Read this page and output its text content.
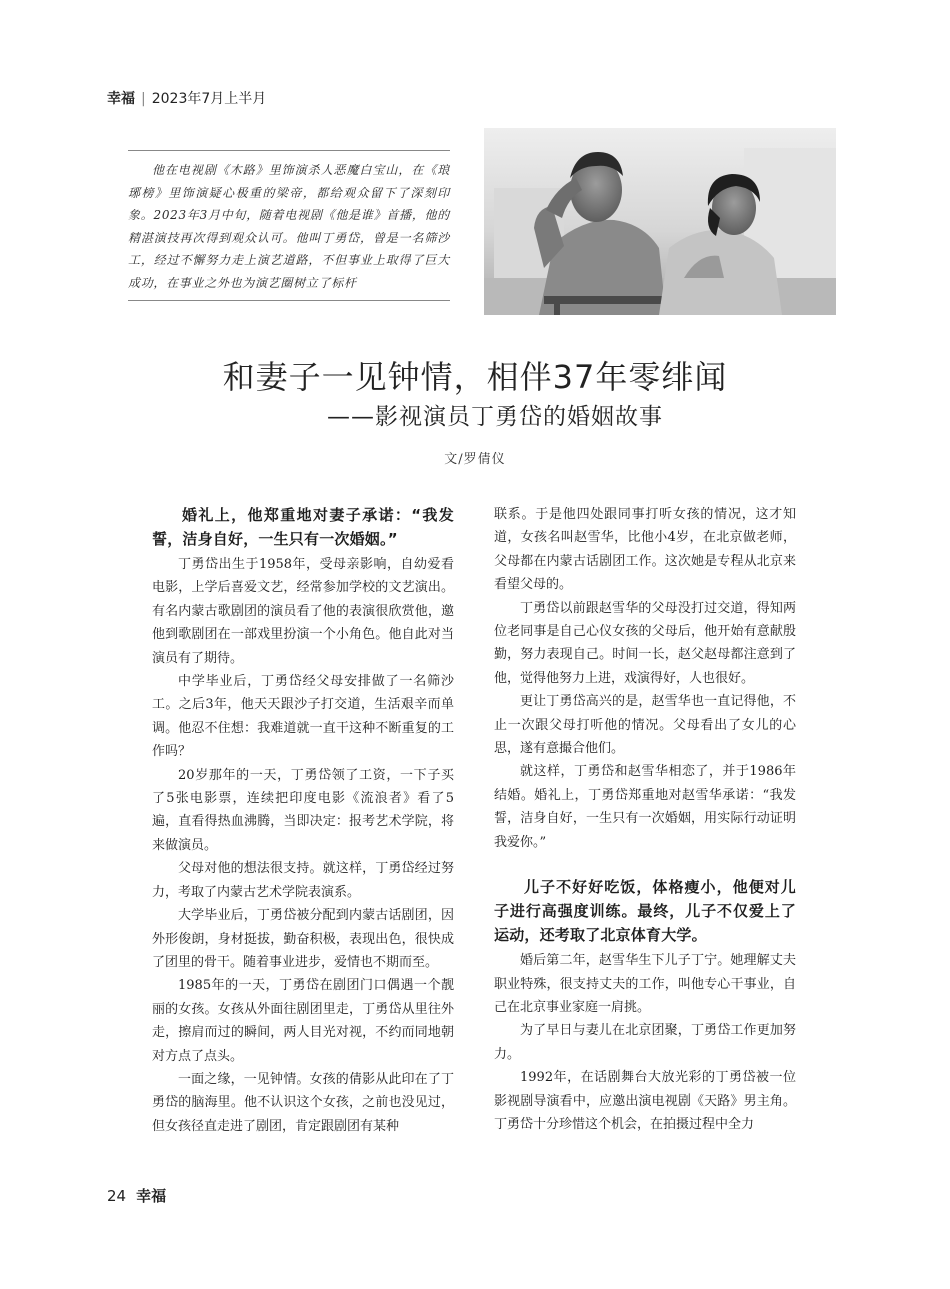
幸福 | 2023年7月上半月
他在电视剧《木路》里饰演杀人恶魔白宝山，在《琅琊榜》里饰演疑心极重的梁帝，都给观众留下了深刻印象。2023年3月中旬，随着电视剧《他是谁》首播，他的精湛演技再次得到观众认可。他叫丁勇岱，曾是一名筛沙工，经过不懈努力走上演艺道路，不但事业上取得了巨大成功，在事业之外也为演艺圈树立了标杆
和妻子一见钟情，相伴37年零绯闻
——影视演员丁勇岱的婚姻故事
文/罗倩仪
婚礼上，他郑重地对妻子承诺：“我发誓，洁身自好，一生只有一次婚姻。”

丁勇岱出生于1958年，受母亲影响，自幼爱看电影，上学后喜爱文艺，经常参加学校的文艺演出。有名内蒙古歌剧团的演员看了他的表演很欣赏他，邀他到歌剧团在一部戏里扮演一个小角色。他自此对当演员有了期待。

中学毕业后，丁勇岱经父母安排做了一名筛沙工。之后3年，他天天跟沙子打交道，生活艰辛而单调。他忍不住想：我难道就一直干这种不断重复的工作吗？

20岁那年的一天，丁勇岱领了工资，一下子买了5张电影票，连续把印度电影《流浪者》看了5遍，直看得热血沸腾，当即决定：报考艺术学院，将来做演员。

父母对他的想法很支持。就这样，丁勇岱经过努力，考取了内蒙古艺术学院表演系。

大学毕业后，丁勇岱被分配到内蒙古话剧团，因外形俊朗，身材挺拔，勤奋积极，表现出色，很快成了团里的骨干。随着事业进步，爱情也不期而至。

1985年的一天，丁勇岱在剧团门口偶遇一个靓丽的女孩。女孩从外面往剧团里走，丁勇岱从里往外走，擦肩而过的瞬间，两人目光对视，不约而同地朝对方点了点头。

一面之缘，一见钟情。女孩的倩影从此印在了丁勇岱的脑海里。他不认识这个女孩，之前也没见过，但女孩径直走进了剧团，肯定跟剧团有某种

联系。于是他四处跟同事打听女孩的情况，这才知道，女孩名叫赵雪华，比他小4岁，在北京做老师，父母都在内蒙古话剧团工作。这次她是专程从北京来看望父母的。

丁勇岱以前跟赵雪华的父母没打过交道，得知两位老同事是自己心仪女孩的父母后，他开始有意献殷勤，努力表现自己。时间一长，赵父赵母都注意到了他，觉得他努力上进，戏演得好，人也很好。

更让丁勇岱高兴的是，赵雪华也一直记得他，不止一次跟父母打听他的情况。父母看出了女儿的心思，遂有意撮合他们。

就这样，丁勇岱和赵雪华相恋了，并于1986年结婚。婚礼上，丁勇岱郑重地对赵雪华承诺：“我发誓，洁身自好，一生只有一次婚姻，用实际行动证明我爱你。”

儿子不好好吃饭，体格瘦小，他便对儿子进行高强度训练。最终，儿子不仅爱上了运动，还考取了北京体育大学。

婚后第二年，赵雪华生下儿子丁宁。她理解丈夫职业特殊，很支持丈夫的工作，叫他专心干事业，自己在北京事业家庭一肩挑。

为了早日与妻儿在北京团聚，丁勇岱工作更加努力。

1992年，在话剧舞台大放光彩的丁勇岱被一位影视剧导演看中，应邀出演电视剧《天路》男主角。丁勇岱十分珍惜这个机会，在拍摄过程中全力

24 幸福
